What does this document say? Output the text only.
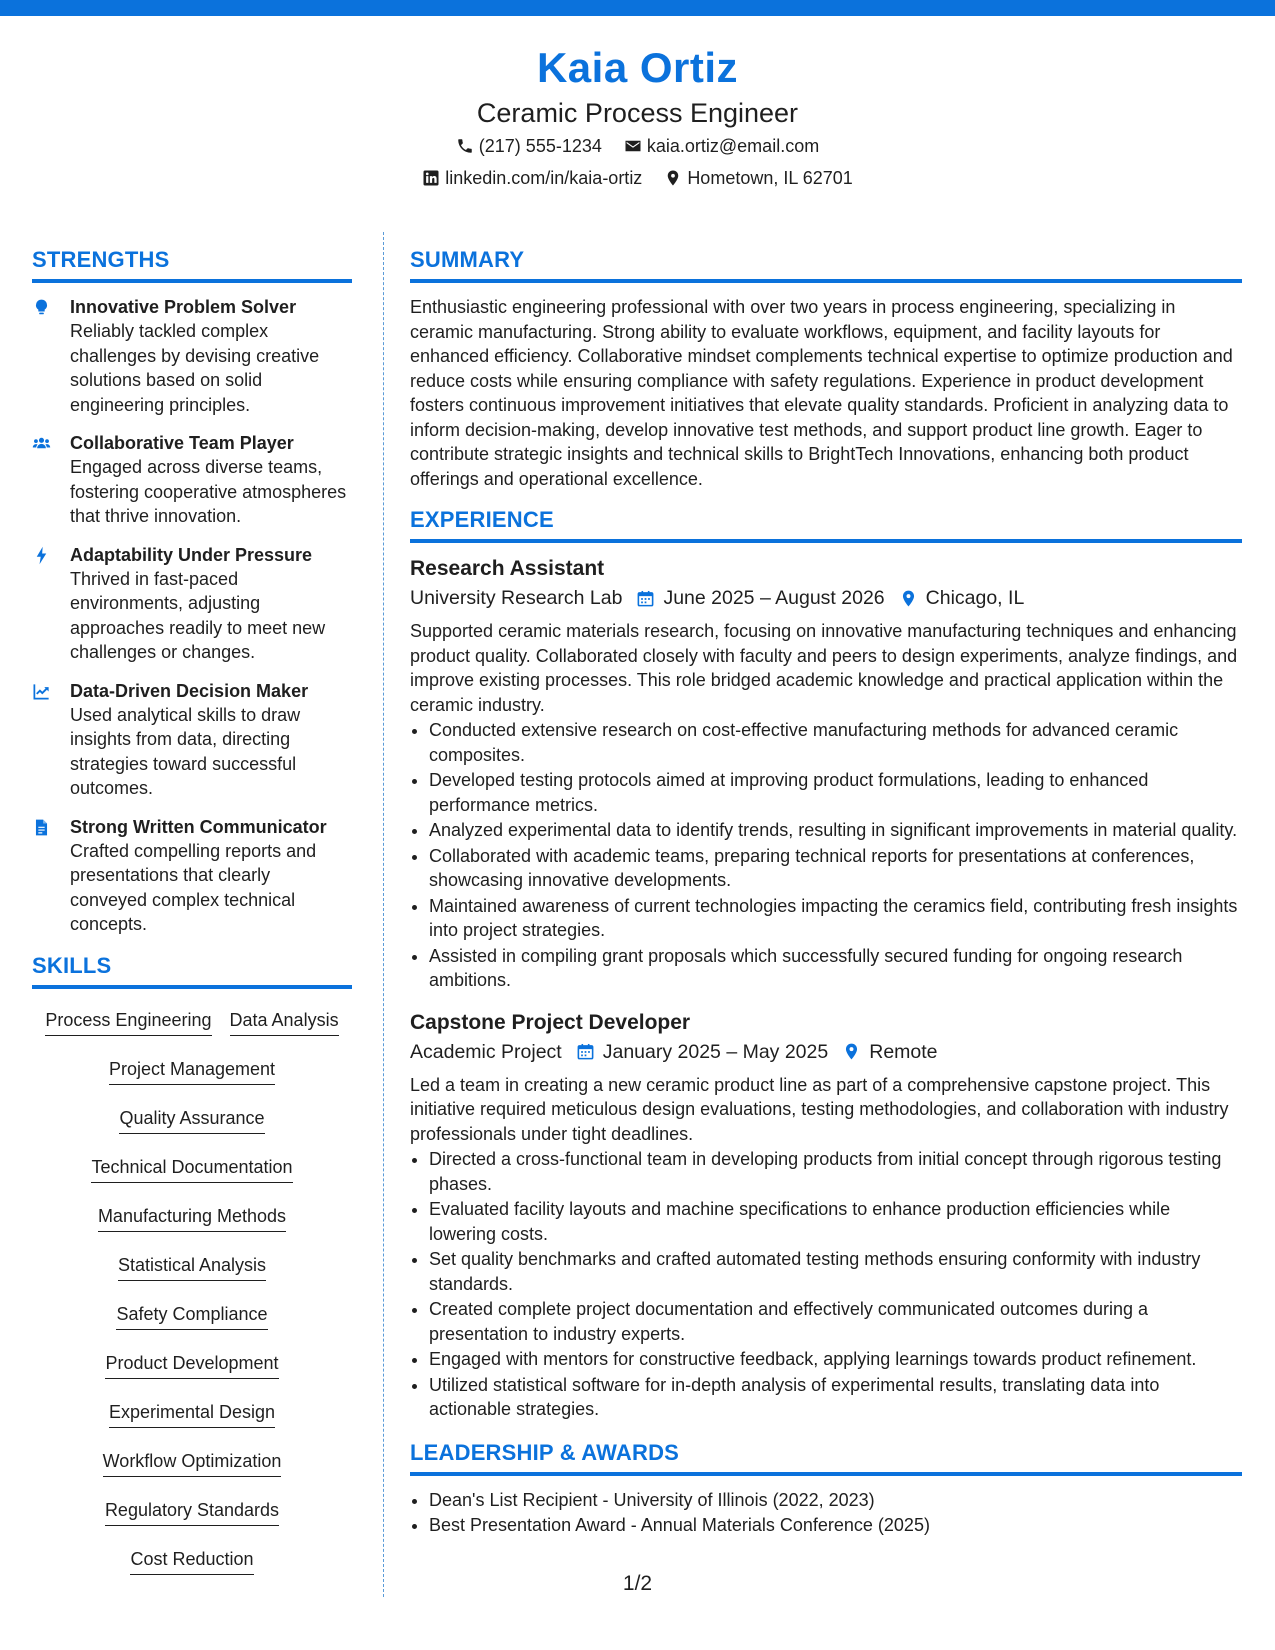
Kaia Ortiz
Ceramic Process Engineer
(217) 555-1234	kaia.ortiz@email.com
linkedin.com/in/kaia-ortiz	Hometown, IL 62701
STRENGTHS
Innovative Problem Solver
Reliably tackled complex challenges by devising creative solutions based on solid engineering principles.
Collaborative Team Player
Engaged across diverse teams, fostering cooperative atmospheres that thrive innovation.
Adaptability Under Pressure
Thrived in fast-paced environments, adjusting approaches readily to meet new challenges or changes.
Data-Driven Decision Maker
Used analytical skills to draw insights from data, directing strategies toward successful outcomes.
Strong Written Communicator
Crafted compelling reports and presentations that clearly conveyed complex technical concepts.
SKILLS
Process Engineering Data Analysis
Project Management
Quality Assurance
Technical Documentation
Manufacturing Methods
Statistical Analysis
Safety Compliance
Product Development
Experimental Design
Workflow Optimization
Regulatory Standards
Cost Reduction
SUMMARY

Enthusiastic engineering professional with over two years in process engineering, specializing in ceramic manufacturing. Strong ability to evaluate workflows, equipment, and facility layouts for enhanced efficiency. Collaborative mindset complements technical expertise to optimize production and reduce costs while ensuring compliance with safety regulations. Experience in product development fosters continuous improvement initiatives that elevate quality standards. Proficient in analyzing data to inform decision-making, develop innovative test methods, and support product line growth. Eager to contribute strategic insights and technical skills to BrightTech Innovations, enhancing both product offerings and operational excellence.

EXPERIENCE
Research Assistant
University Research Lab June 2025 – August 2026 Chicago, IL
Supported ceramic materials research, focusing on innovative manufacturing techniques and enhancing product quality. Collaborated closely with faculty and peers to design experiments, analyze findings, and improve existing processes. This role bridged academic knowledge and practical application within the ceramic industry.
• Conducted extensive research on cost-effective manufacturing methods for advanced ceramic composites.
• Developed testing protocols aimed at improving product formulations, leading to enhanced performance metrics.
• Analyzed experimental data to identify trends, resulting in significant improvements in material quality.
• Collaborated with academic teams, preparing technical reports for presentations at conferences, showcasing innovative developments.
• Maintained awareness of current technologies impacting the ceramics field, contributing fresh insights into project strategies.
• Assisted in compiling grant proposals which successfully secured funding for ongoing research ambitions.
Capstone Project Developer
Academic Project January 2025 – May 2025 Remote
Led a team in creating a new ceramic product line as part of a comprehensive capstone project. This initiative required meticulous design evaluations, testing methodologies, and collaboration with industry professionals under tight deadlines.
• Directed a cross-functional team in developing products from initial concept through rigorous testing phases.
• Evaluated facility layouts and machine specifications to enhance production efficiencies while lowering costs.
• Set quality benchmarks and crafted automated testing methods ensuring conformity with industry standards.
• Created complete project documentation and effectively communicated outcomes during a presentation to industry experts.
• Engaged with mentors for constructive feedback, applying learnings towards product refinement.
• Utilized statistical software for in-depth analysis of experimental results, translating data into actionable strategies.
LEADERSHIP & AWARDS
• Dean's List Recipient - University of Illinois (2022, 2023)
• Best Presentation Award - Annual Materials Conference (2025)
1/2
